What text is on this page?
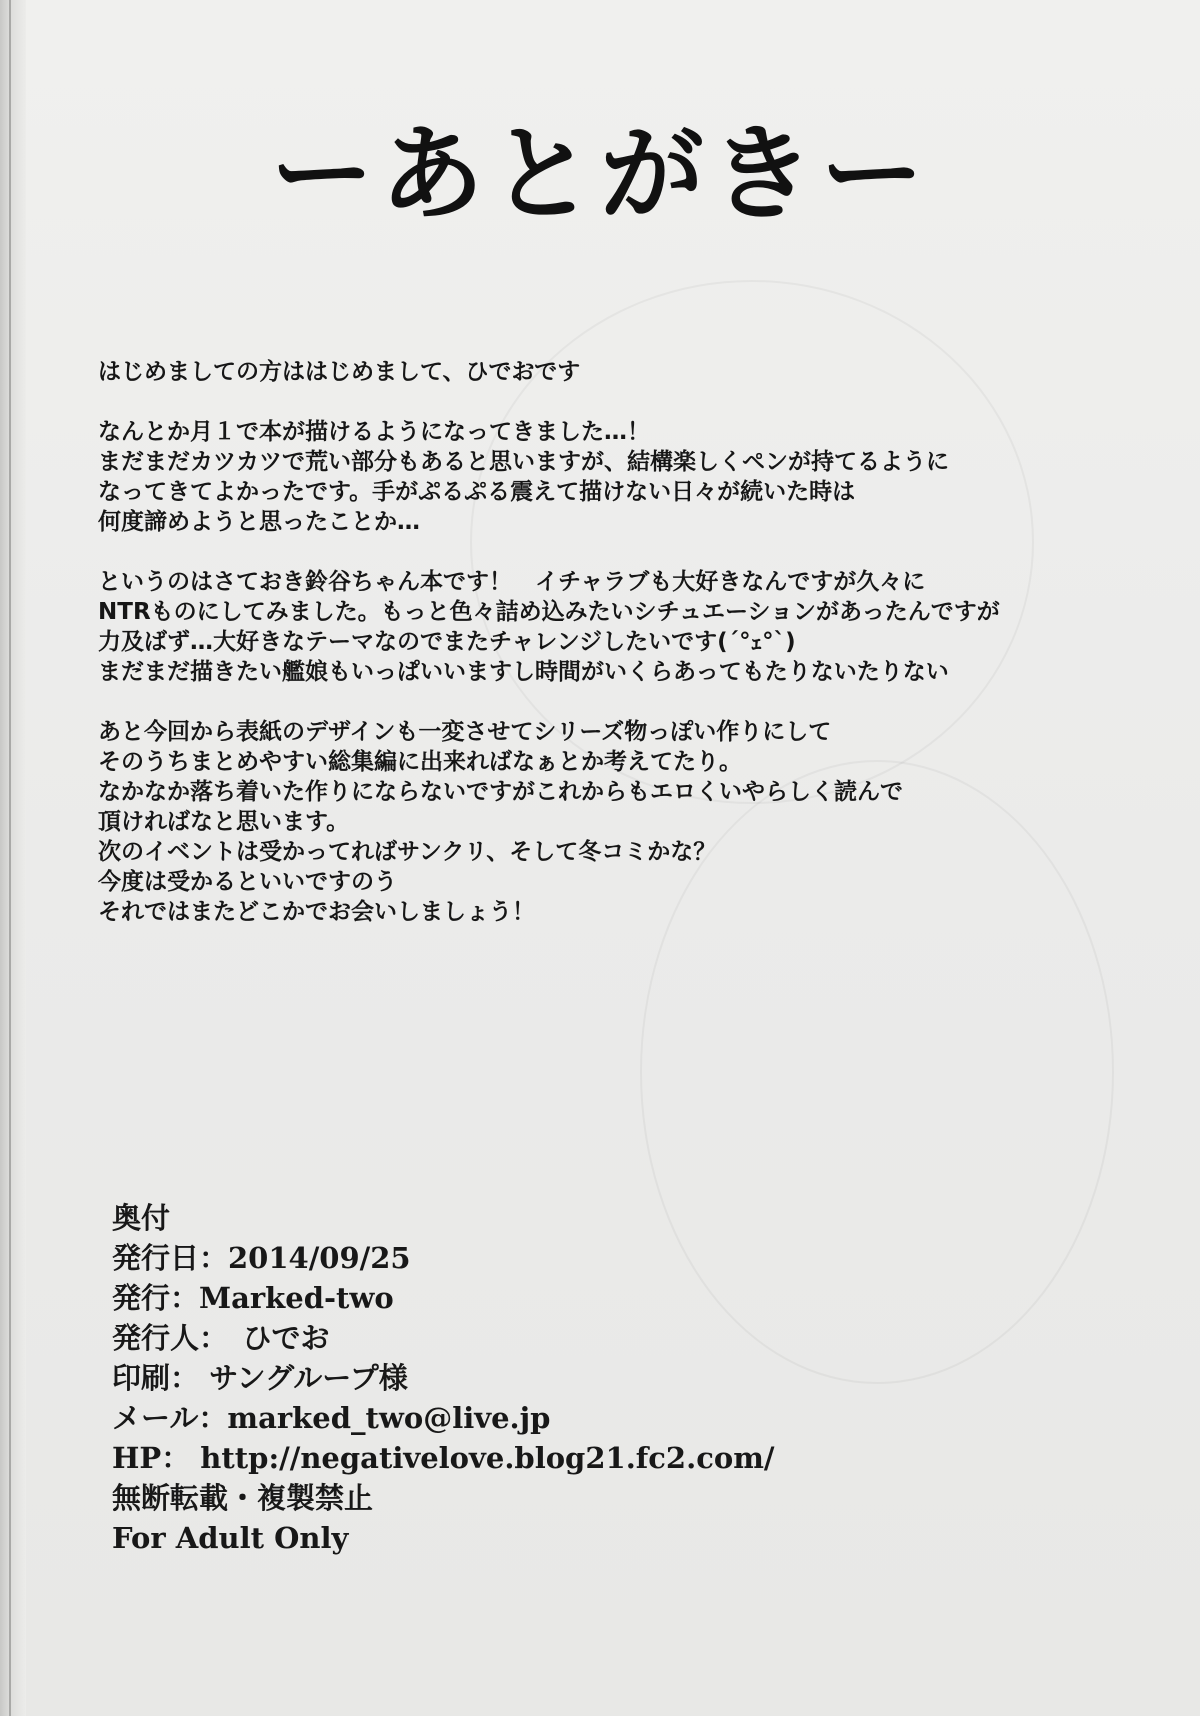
ーあとがきー

はじめましての方ははじめまして、ひでおです

なんとか月１で本が描けるようになってきました…！
まだまだカツカツで荒い部分もあると思いますが、結構楽しくペンが持てるように
なってきてよかったです。手がぷるぷる震えて描けない日々が続いた時は
何度諦めようと思ったことか…

というのはさておき鈴谷ちゃん本です！　イチャラブも大好きなんですが久々に
NTRものにしてみました。もっと色々詰め込みたいシチュエーションがあったんですが
力及ばず…大好きなテーマなのでまたチャレンジしたいです(´°ｪ°`)
まだまだ描きたい艦娘もいっぱいいますし時間がいくらあってもたりないたりない

あと今回から表紙のデザインも一変させてシリーズ物っぽい作りにして
そのうちまとめやすい総集編に出来ればなぁとか考えてたり。
なかなか落ち着いた作りにならないですがこれからもエロくいやらしく読んで
頂ければなと思います。
次のイベントは受かってればサンクリ、そして冬コミかな？
今度は受かるといいですのう
それではまたどこかでお会いしましょう！

奥付
発行日：2014/09/25
発行：Marked-two
発行人：　ひでお
印刷： サングループ様
メール：marked_two@live.jp
HP： http://negativelove.blog21.fc2.com/
無断転載・複製禁止
For Adult Only
